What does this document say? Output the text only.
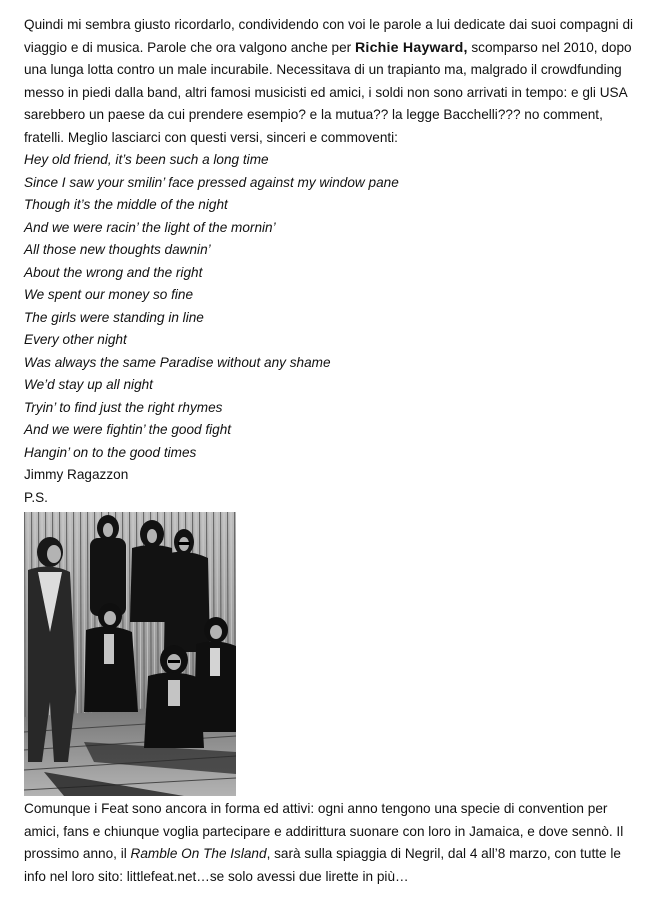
Quindi mi sembra giusto ricordarlo, condividendo con voi le parole a lui dedicate dai suoi compagni di viaggio e di musica. Parole che ora valgono anche per Richie Hayward, scomparso nel 2010, dopo una lunga lotta contro un male incurabile. Necessitava di un trapianto ma, malgrado il crowdfunding messo in piedi dalla band, altri famosi musicisti ed amici, i soldi non sono arrivati in tempo: e gli USA sarebbero un paese da cui prendere esempio? e la mutua?? la legge Bacchelli??? no comment, fratelli. Meglio lasciarci con questi versi, sinceri e commoventi:

Hey old friend, it’s been such a long time

Since I saw your smilin’ face pressed against my window pane

Though it’s the middle of the night

And we were racin’ the light of the mornin’

All those new thoughts dawnin’

About the wrong and the right

We spent our money so fine

The girls were standing in line

Every other night

Was always the same Paradise without any shame

We’d stay up all night

Tryin’ to find just the right rhymes

And we were fightin’ the good fight

Hangin’ on to the good times

Jimmy Ragazzon

P.S.

Comunque i Feat sono ancora in forma ed attivi: ogni anno tengono una specie di convention per amici, fans e chiunque voglia partecipare e addirittura suonare con loro in Jamaica, e dove sennò. Il prossimo anno, il Ramble On The Island, sarà sulla spiaggia di Negril, dal 4 all’8 marzo, con tutte le info nel loro sito: littlefeat.net…se solo avessi due lirette in più…
